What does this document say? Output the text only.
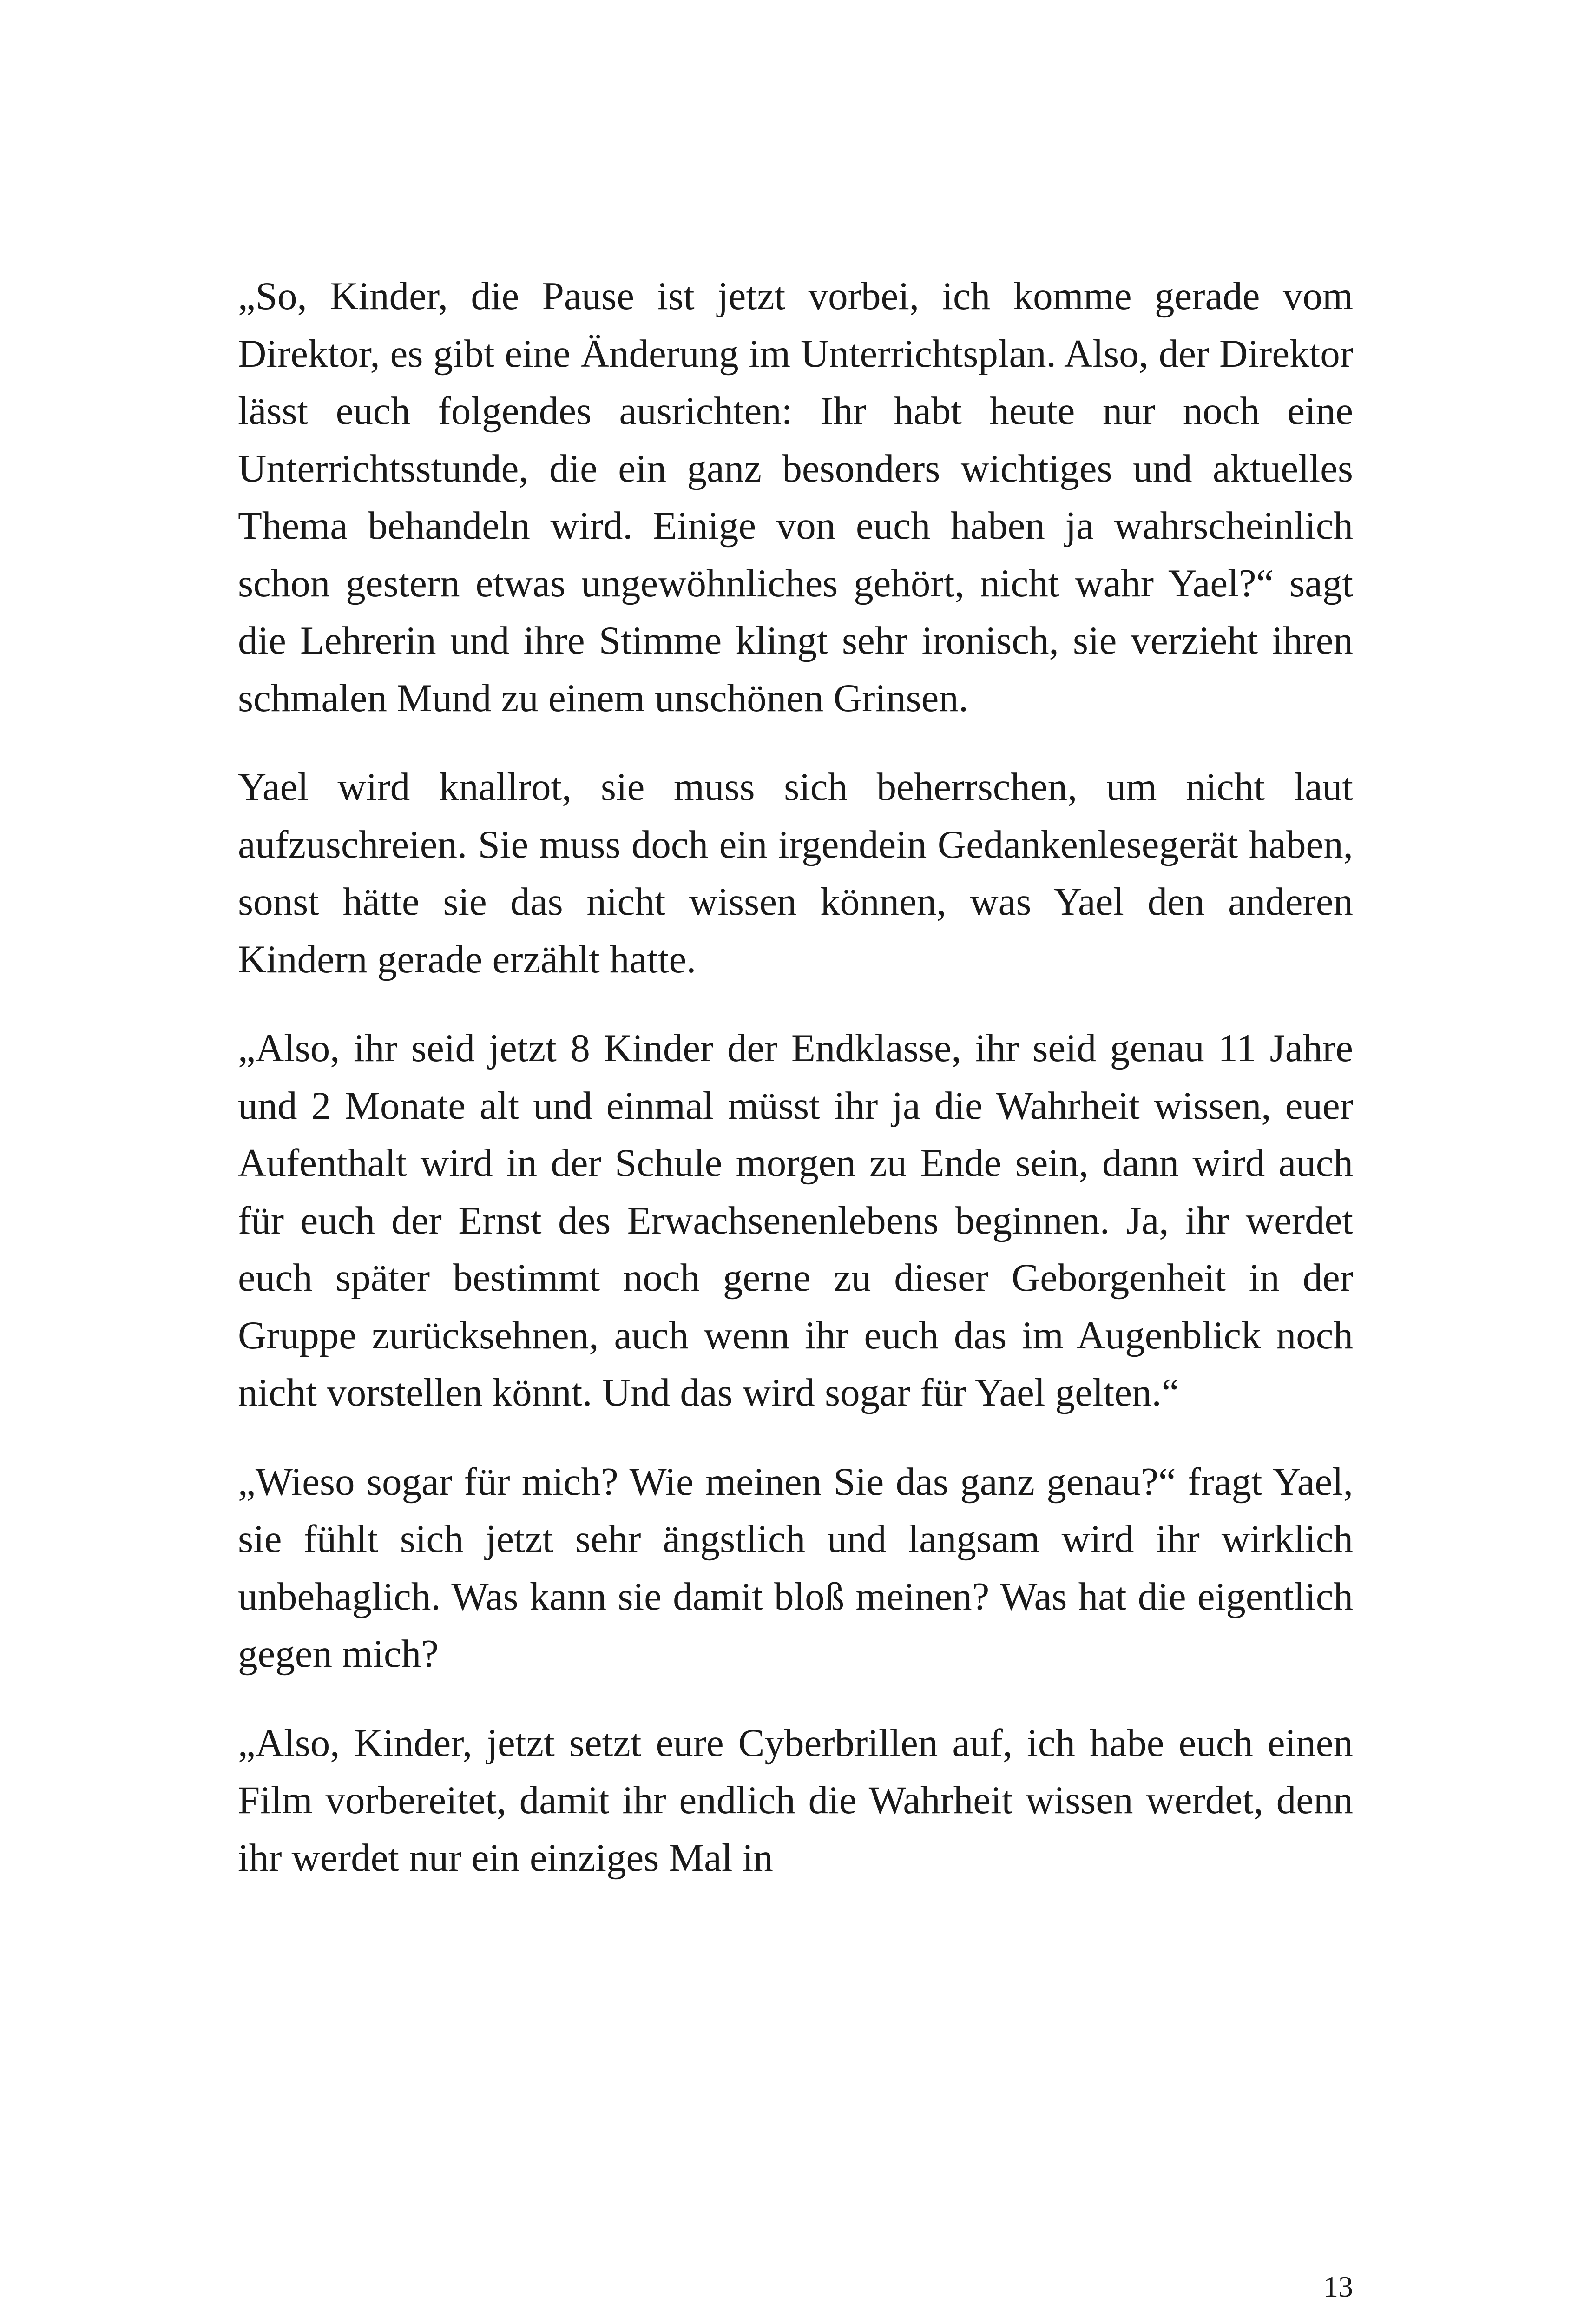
„So, Kinder, die Pause ist jetzt vorbei, ich komme gerade vom Direktor, es gibt eine Änderung im Unterrichtsplan. Also, der Direktor lässt euch folgendes ausrichten: Ihr habt heute nur noch eine Unterrichtsstunde, die ein ganz besonders wichtiges und aktuelles Thema behandeln wird. Einige von euch haben ja wahrscheinlich schon gestern etwas ungewöhnliches gehört, nicht wahr Yael?“ sagt die Lehrerin und ihre Stimme klingt sehr ironisch, sie verzieht ihren schmalen Mund zu einem unschönen Grinsen.

Yael wird knallrot, sie muss sich beherrschen, um nicht laut aufzuschreien. Sie muss doch ein irgendein Gedankenlesegerät haben, sonst hätte sie das nicht wissen können, was Yael den anderen Kindern gerade erzählt hatte.

„Also, ihr seid jetzt 8 Kinder der Endklasse, ihr seid genau 11 Jahre und 2 Monate alt und einmal müsst ihr ja die Wahrheit wissen, euer Aufenthalt wird in der Schule morgen zu Ende sein, dann wird auch für euch der Ernst des Erwachsenenlebens beginnen. Ja, ihr werdet euch später bestimmt noch gerne zu dieser Geborgenheit in der Gruppe zurücksehnen, auch wenn ihr euch das im Augenblick noch nicht vorstellen könnt. Und das wird sogar für Yael gelten.“

„Wieso sogar für mich? Wie meinen Sie das ganz genau?“ fragt Yael, sie fühlt sich jetzt sehr ängstlich und langsam wird ihr wirklich unbehaglich. Was kann sie damit bloß meinen? Was hat die eigentlich gegen mich?

„Also, Kinder, jetzt setzt eure Cyberbrillen auf, ich habe euch einen Film vorbereitet, damit ihr endlich die Wahrheit wissen werdet, denn ihr werdet nur ein einziges Mal in

13
